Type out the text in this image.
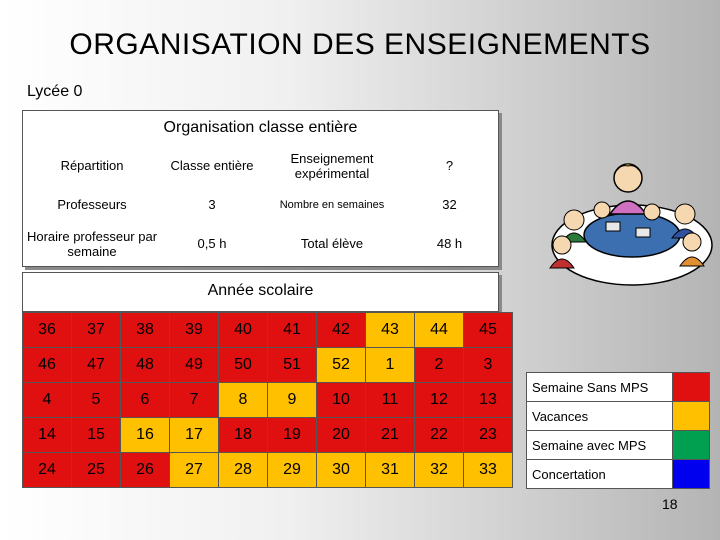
ORGANISATION DES ENSEIGNEMENTS
Lycée 0
Organisation classe entière
Répartition	Classe entière	Enseignement expérimental	?
Professeurs	3	Nombre en semaines	32
Horaire professeur par semaine	0,5 h	Total élève	48 h
Année scolaire
36	37	38	39	40	41	42	43	44	45
46	47	48	49	50	51	52	1	2	3
4	5	6	7	8	9	10	11	12	13
14	15	16	17	18	19	20	21	22	23
24	25	26	27	28	29	30	31	32	33
Semaine Sans MPS	
Vacances	
Semaine avec MPS	
Concertation	
18
